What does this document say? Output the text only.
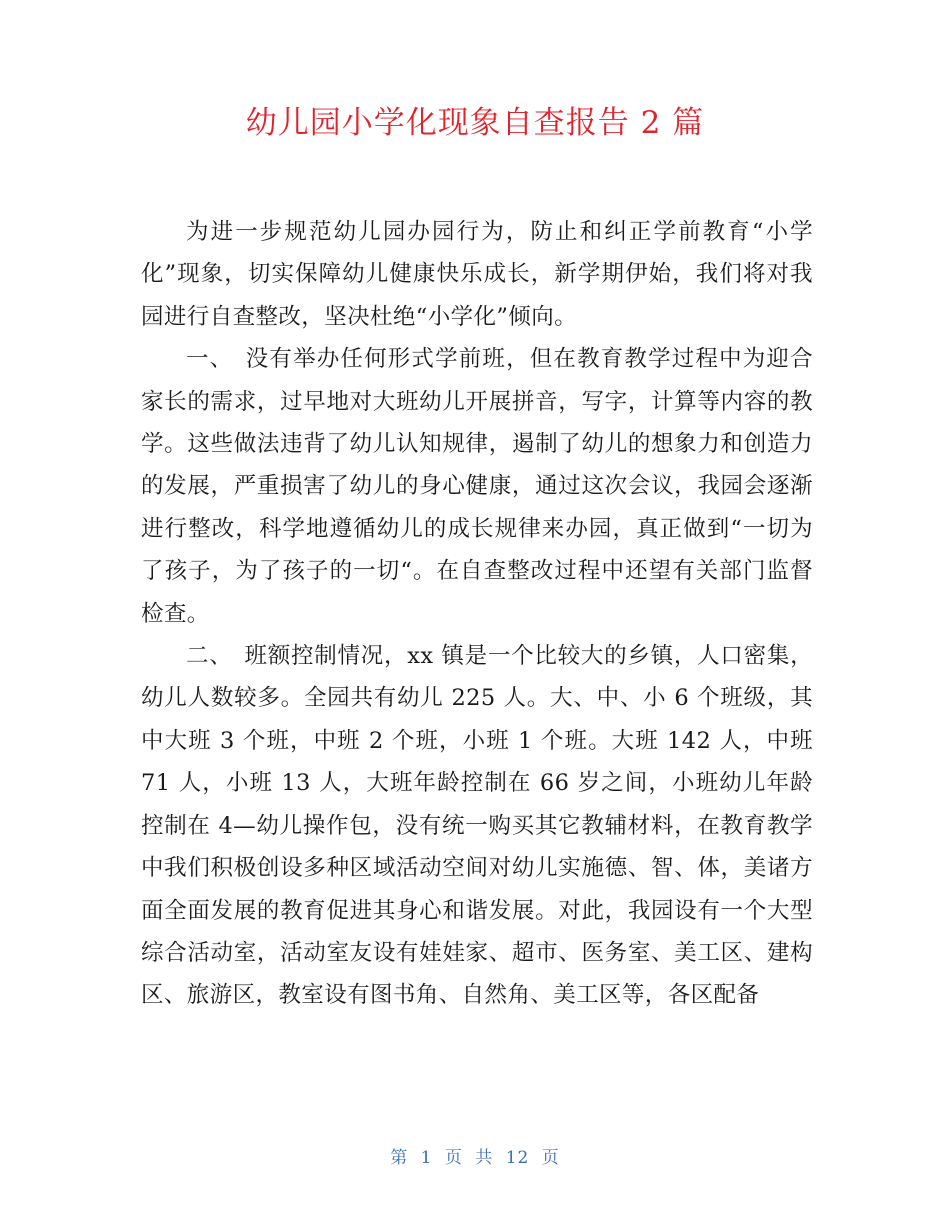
幼儿园小学化现象自查报告 2 篇

为进一步规范幼儿园办园行为，防止和纠正学前教育“小学化”现象，切实保障幼儿健康快乐成长，新学期伊始，我们将对我园进行自查整改，坚决杜绝“小学化”倾向。

一、　没有举办任何形式学前班，但在教育教学过程中为迎合家长的需求，过早地对大班幼儿开展拼音，写字，计算等内容的教学。这些做法违背了幼儿认知规律，遏制了幼儿的想象力和创造力的发展，严重损害了幼儿的身心健康，通过这次会议，我园会逐渐进行整改，科学地遵循幼儿的成长规律来办园，真正做到“一切为了孩子，为了孩子的一切“。在自查整改过程中还望有关部门监督检查。

二、　班额控制情况，xx 镇是一个比较大的乡镇，人口密集，幼儿人数较多。全园共有幼儿 225 人。大、中、小 6 个班级，其中大班 3 个班，中班 2 个班，小班 1 个班。大班 142 人，中班 71 人，小班 13 人，大班年龄控制在 66 岁之间，小班幼儿年龄控制在 4—幼儿操作包，没有统一购买其它教辅材料，在教育教学中我们积极创设多种区域活动空间对幼儿实施德、智、体，美诸方面全面发展的教育促进其身心和谐发展。对此，我园设有一个大型综合活动室，活动室友设有娃娃家、超市、医务室、美工区、建构区、旅游区，教室设有图书角、自然角、美工区等，各区配备

第 1 页 共 12 页
